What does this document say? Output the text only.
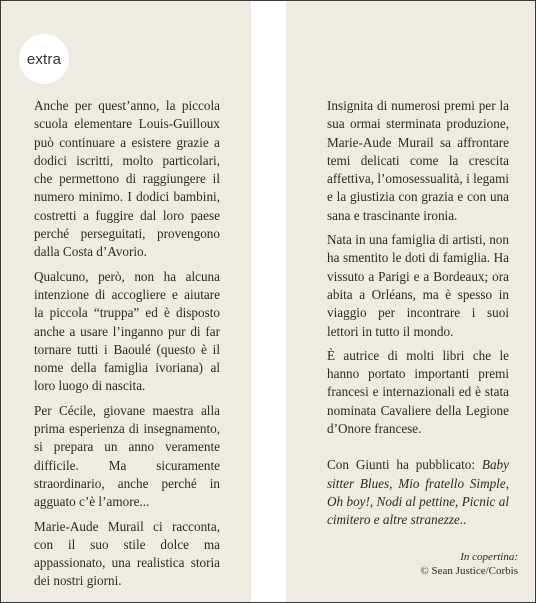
extra

Anche per quest’anno, la piccola scuola elementare Louis-Guilloux può continuare a esistere grazie a dodici iscritti, molto particolari, che permettono di raggiungere il numero minimo. I dodici bambini, costretti a fuggire dal loro paese perché perseguitati, provengono dalla Costa d’Avorio.

Qualcuno, però, non ha alcuna intenzione di accogliere e aiutare la piccola “truppa” ed è disposto anche a usare l’inganno pur di far tornare tutti i Baoulé (questo è il nome della famiglia ivoriana) al loro luogo di nascita.

Per Cécile, giovane maestra alla prima esperienza di insegnamento, si prepara un anno veramente difficile. Ma sicuramente straordinario, anche perché in agguato c’è l’amore...

Marie-Aude Murail ci racconta, con il suo stile dolce ma appassionato, una realistica storia dei nostri giorni.

Insignita di numerosi premi per la sua ormai sterminata produzione, Marie-Aude Murail sa affrontare temi delicati come la crescita affettiva, l’omosessualità, i legami e la giustizia con grazia e con una sana e trascinante ironia.

Nata in una famiglia di artisti, non ha smentito le doti di famiglia. Ha vissuto a Parigi e a Bordeaux; ora abita a Orléans, ma è spesso in viaggio per incontrare i suoi lettori in tutto il mondo.

È autrice di molti libri che le hanno portato importanti premi francesi e internazionali ed è stata nominata Cavaliere della Legione d’Onore francese.

Con Giunti ha pubblicato: Baby sitter Blues, Mio fratello Simple, Oh boy!, Nodi al pettine, Picnic al cimitero e altre stranezze..

In copertina:
© Sean Justice/Corbis
